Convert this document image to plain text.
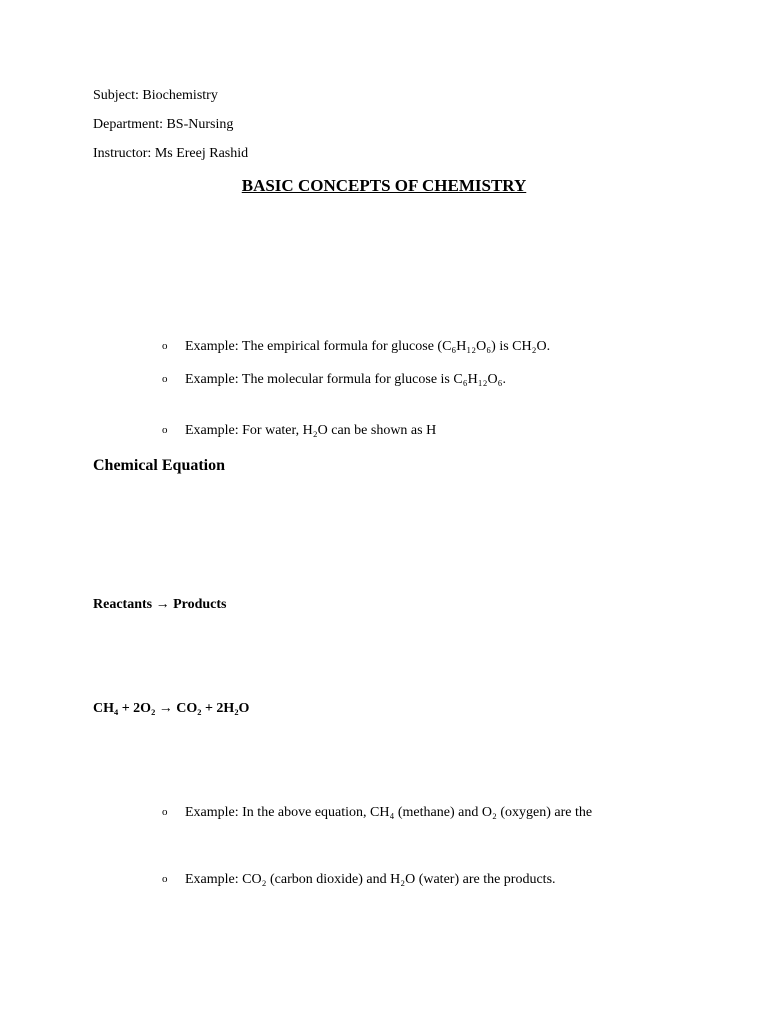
Subject: Biochemistry
Department: BS-Nursing
Instructor: Ms Ereej Rashid
BASIC CONCEPTS OF CHEMISTRY
o Example: The empirical formula for glucose (C₆H₁₂O₆) is CH₂O.
o Example: The molecular formula for glucose is C₆H₁₂O₆.
o Example: For water, H₂O can be shown as H
Chemical Equation
Reactants → Products
CH₄ + 2O₂ → CO₂ + 2H₂O
o Example: In the above equation, CH₄ (methane) and O₂ (oxygen) are the
o Example: CO₂ (carbon dioxide) and H₂O (water) are the products.
